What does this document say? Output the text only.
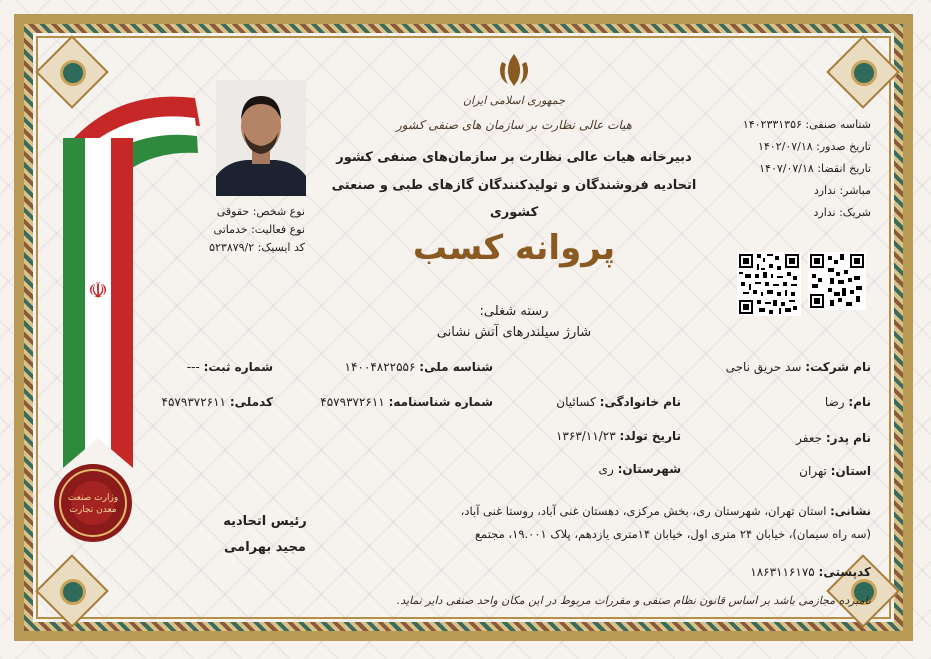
☫
وزارت صنعت معدن تجارت
جمهوری اسلامی ایران
هیات عالی نظارت بر سازمان های صنفی کشور
دبیرخانه هیات عالی نظارت بر سازمان‌های صنفی کشور
اتحادیه فروشندگان و تولیدکنندگان گازهای طبی و صنعتی
کشوری
پروانه کسب
شناسه صنفی: ۱۴۰۲۳۳۱۳۵۶
تاریخ صدور: ۱۴۰۲/۰۷/۱۸
تاریخ انقضا: ۱۴۰۷/۰۷/۱۸
مباشر: ندارد
شریک: ندارد
نوع شخص: حقوقی
نوع فعالیت: خدماتی
کد ایسیک: ۵۲۳۸۷۹/۲
رسته شغلی:
شارژ سیلندرهای آتش نشانی
نام شرکت: سد حریق ناجی
شناسه ملی: ۱۴۰۰۴۸۲۲۵۵۶
شماره ثبت: ---
نام: رضا
نام خانوادگی: کسائیان
شماره شناسنامه: ۴۵۷۹۳۷۲۶۱۱
کدملی: ۴۵۷۹۳۷۲۶۱۱
نام پدر: جعفر
تاریخ تولد: ۱۳۶۳/۱۱/۲۳
استان: تهران
شهرستان: ری
نشانی: استان تهران، شهرستان ری، بخش مرکزی، دهستان غنی آباد، روستا غنی آباد،
(سه راه سیمان)، خیابان ۲۴ متری اول، خیابان ۱۴متری یازدهم، پلاک ۱۹.۰۰۱، مجتمع
کدپستی: ۱۸۶۳۱۱۶۱۷۵
رئیس اتحادیه
مجید بهرامی
نامبرده مجازمی باشد بر اساس قانون نظام صنفی و مقررات مربوط در این مکان واحد صنفی دایر نماید.
